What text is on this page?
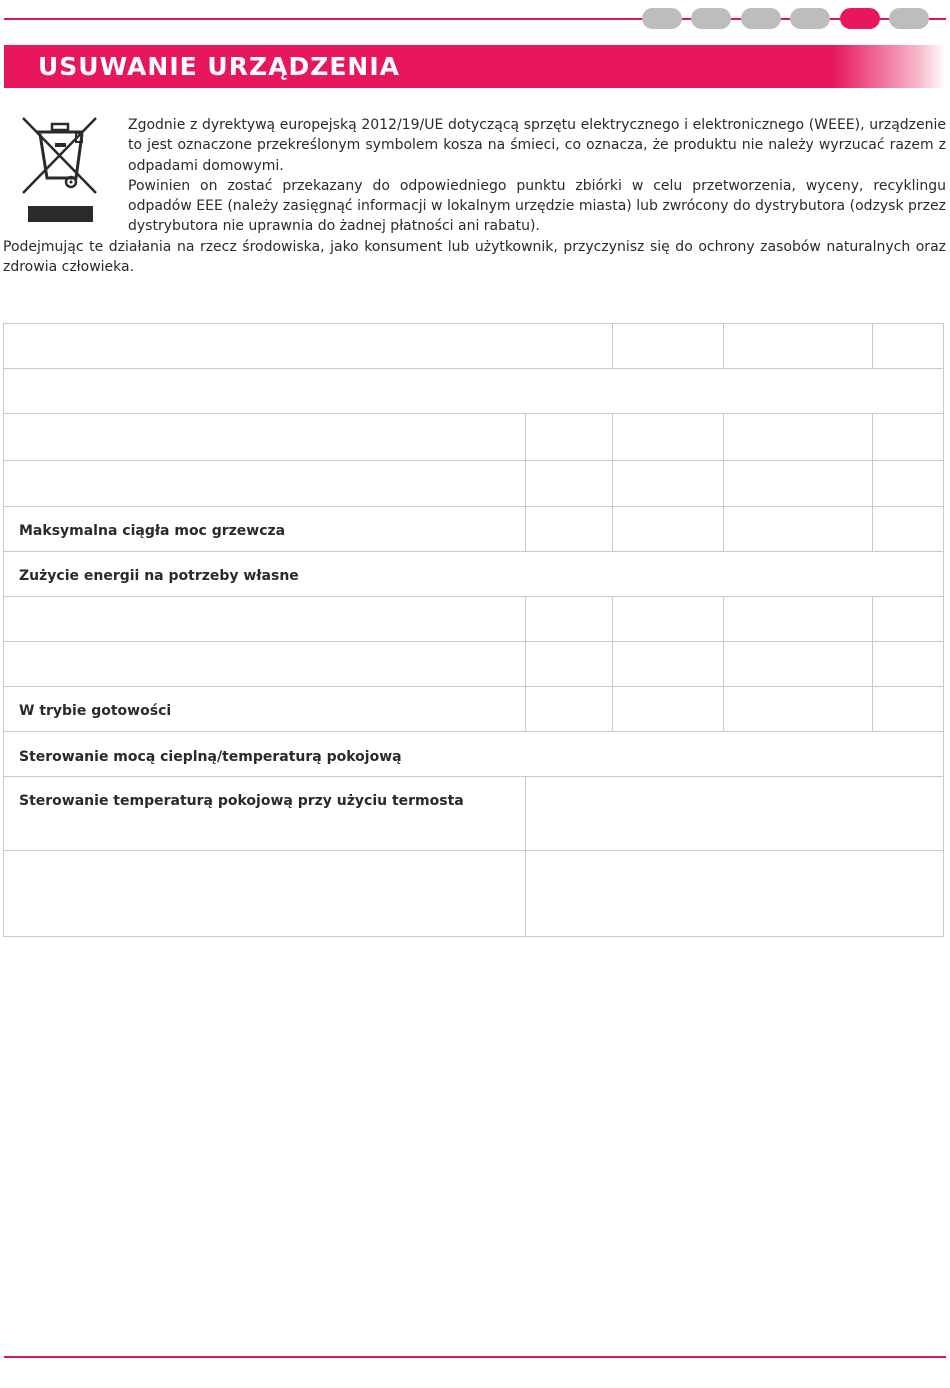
USUWANIE URZĄDZENIA

Zgodnie z dyrektywą europejską 2012/19/UE dotyczącą sprzętu elektrycznego i elektronicznego (WEEE), urządzenie to jest oznaczone przekreślonym symbolem kosza na śmieci, co oznacza, że produktu nie należy wyrzucać razem z odpadami domowymi.

Powinien on zostać przekazany do odpowiedniego punktu zbiórki w celu przetworzenia, wyceny, recyklingu odpadów EEE (należy zasięgnąć informacji w lokalnym urzędzie miasta) lub zwrócony do dystrybutora (odzysk przez dystrybutora nie uprawnia do żadnej płatności ani rabatu).

Podejmując te działania na rzecz środowiska, jako konsument lub użytkownik, przyczynisz się do ochrony zasobów naturalnych oraz zdrowia człowieka.

Maksymalna ciągła moc grzewcza
Zużycie energii na potrzeby własne
W trybie gotowości
Sterowanie mocą cieplną/temperaturą pokojową
Sterowanie temperaturą pokojową przy użyciu termosta
